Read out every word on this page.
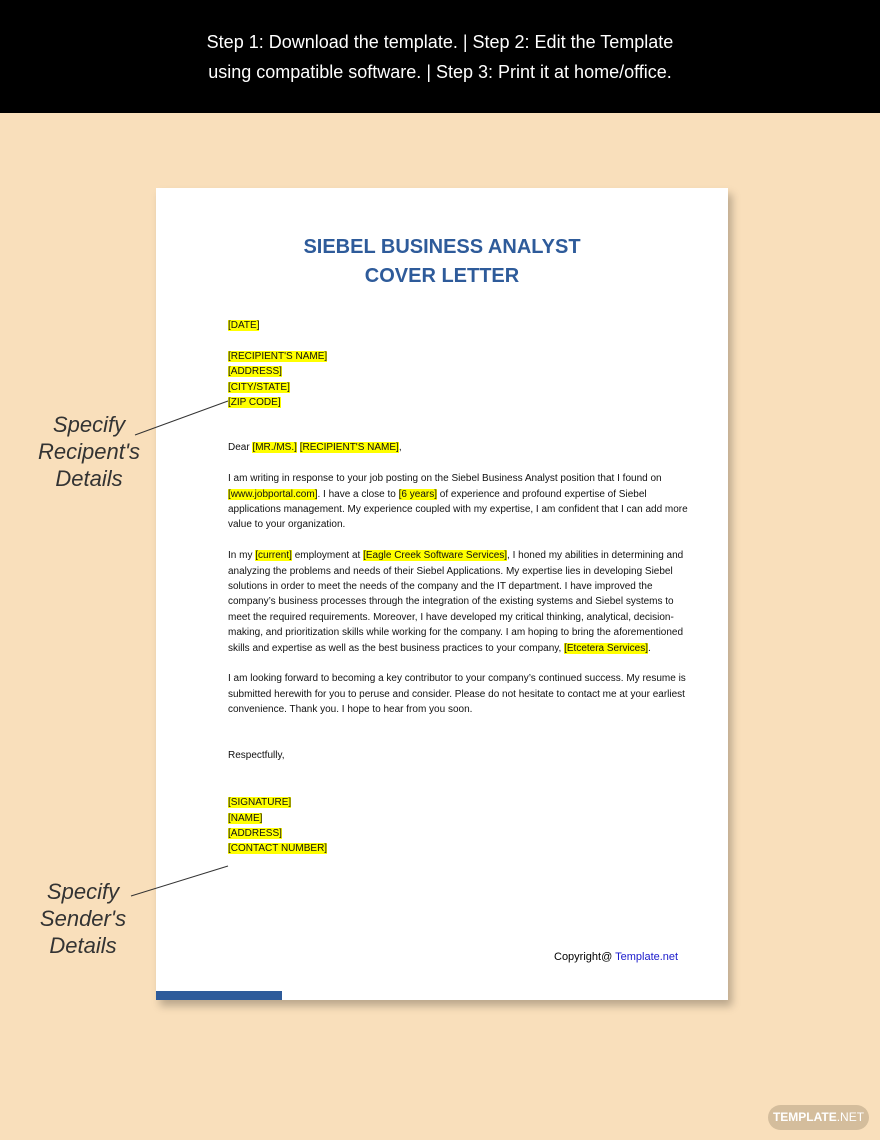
Step 1: Download the template. | Step 2: Edit the Template
using compatible software. | Step 3: Print it at home/office.
SIEBEL BUSINESS ANALYST
COVER LETTER
[DATE]
[RECIPIENT'S NAME]
[ADDRESS]
[CITY/STATE]
[ZIP CODE]
Dear [MR./MS.] [RECIPIENT'S NAME],
I am writing in response to your job posting on the Siebel Business Analyst position that I found on [www.jobportal.com]. I have a close to [6 years] of experience and profound expertise of Siebel applications management. My experience coupled with my expertise, I am confident that I can add more value to your organization.
In my [current] employment at [Eagle Creek Software Services], I honed my abilities in determining and analyzing the problems and needs of their Siebel Applications. My expertise lies in developing Siebel solutions in order to meet the needs of the company and the IT department. I have improved the company’s business processes through the integration of the existing systems and Siebel systems to meet the required requirements. Moreover, I have developed my critical thinking, analytical, decision-making, and prioritization skills while working for the company. I am hoping to bring the aforementioned skills and expertise as well as the best business practices to your company, [Etcetera Services].
I am looking forward to becoming a key contributor to your company’s continued success. My resume is submitted herewith for you to peruse and consider. Please do not hesitate to contact me at your earliest convenience. Thank you. I hope to hear from you soon.
Respectfully,
[SIGNATURE]
[NAME]
[ADDRESS]
[CONTACT NUMBER]
Copyright@ Template.net
Specify
Recipent's
Details
Specify
Sender's
Details
TEMPLATE.NET
